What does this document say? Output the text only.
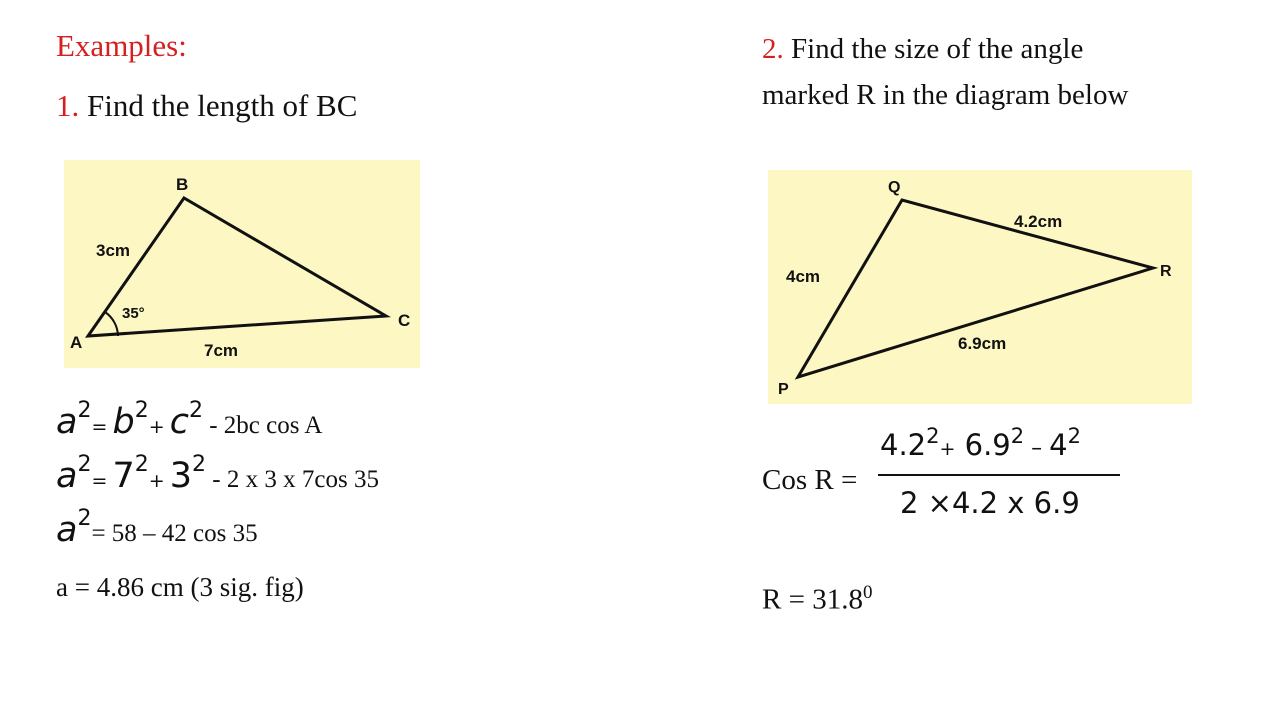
Examples:
1. Find the length of BC
A
B
C
3cm
7cm
35°
a2= b2+ c2 - 2bc cos A
a2= 72+ 32 - 2 x 3 x 7cos 35
a2= 58 – 42 cos 35
a = 4.86 cm (3 sig. fig)
2. Find the size of the angle
marked R in the diagram below
P
Q
R
4cm
4.2cm
6.9cm
Cos R =
$4.2^2+ 6.9^2 - 4^2$
2 ×4.2 x 6.9
$R = 31.8^0$
